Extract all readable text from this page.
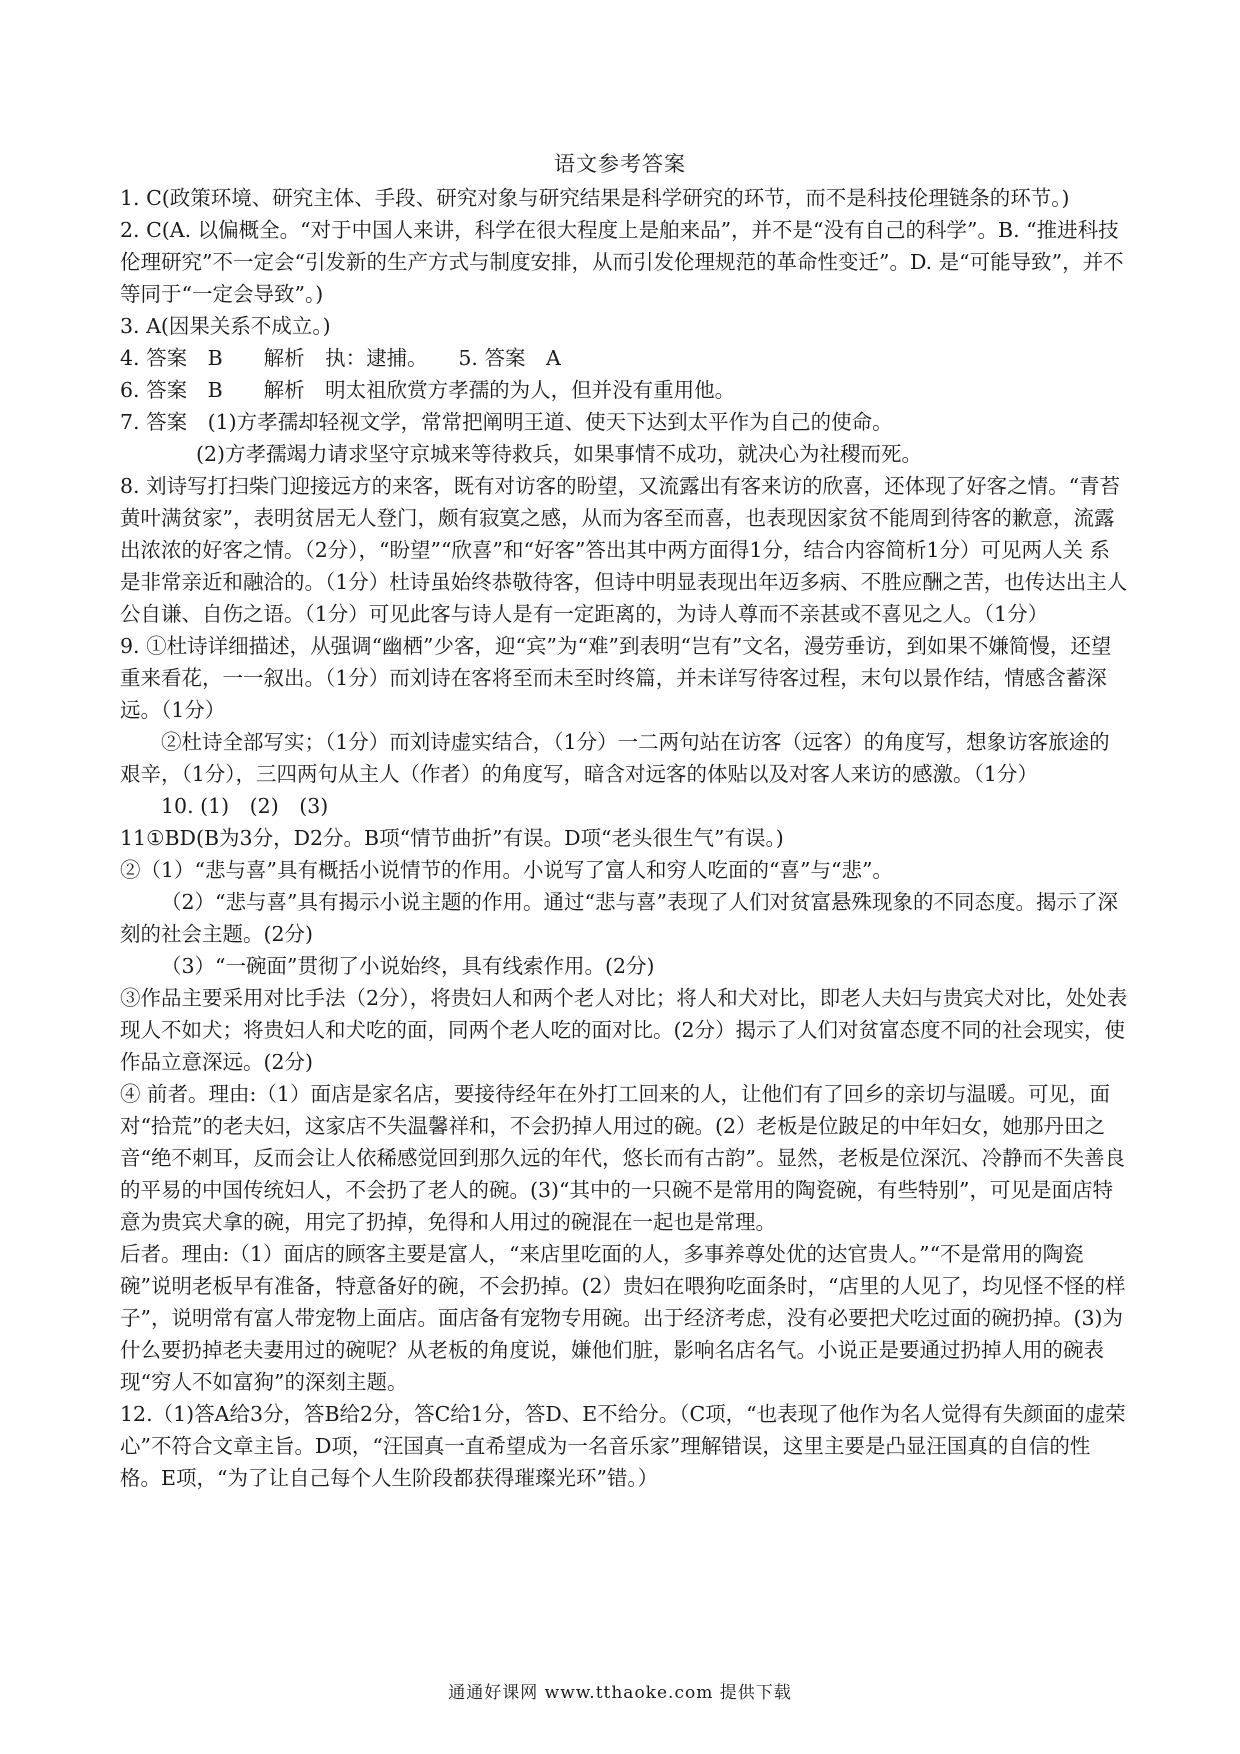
语文参考答案

1. C(政策环境、研究主体、手段、研究对象与研究结果是科学研究的环节，而不是科技伦理链条的环节。)

2. C(A. 以偏概全。“对于中国人来讲，科学在很大程度上是舶来品”，并不是“没有自己的科学”。B. “推进科技伦理研究”不一定会“引发新的生产方式与制度安排，从而引发伦理规范的革命性变迁”。D. 是“可能导致”，并不等同于“一定会导致”。)

3. A(因果关系不成立。)

4. 答案　B　　解析　执：逮捕。　　5. 答案　A

6. 答案　B　　解析　明太祖欣赏方孝孺的为人，但并没有重用他。

7. 答案　(1)方孝孺却轻视文学，常常把阐明王道、使天下达到太平作为自己的使命。

(2)方孝孺竭力请求坚守京城来等待救兵，如果事情不成功，就决心为社稷而死。

8. 刘诗写打扫柴门迎接远方的来客，既有对访客的盼望，又流露出有客来访的欣喜，还体现了好客之情。“青苔黄叶满贫家”，表明贫居无人登门，颇有寂寞之感，从而为客至而喜，也表现因家贫不能周到待客的歉意，流露出浓浓的好客之情。（2分），“盼望”“欣喜”和“好客”答出其中两方面得1分，结合内容简析1分）可见两人关 系是非常亲近和融洽的。（1分）杜诗虽始终恭敬待客，但诗中明显表现出年迈多病、不胜应酬之苦，也传达出主人公自谦、自伤之语。（1分）可见此客与诗人是有一定距离的，为诗人尊而不亲甚或不喜见之人。（1分）

9. ①杜诗详细描述，从强调“幽栖”少客，迎“宾”为“难”到表明“岂有”文名，漫劳垂访，到如果不嫌简慢，还望重来看花，一一叙出。（1分）而刘诗在客将至而未至时终篇，并未详写待客过程，末句以景作结，情感含蓄深远。（1分）

②杜诗全部写实；（1分）而刘诗虚实结合，（1分）一二两句站在访客（远客）的角度写，想象访客旅途的艰辛，（1分），三四两句从主人（作者）的角度写，暗含对远客的体贴以及对客人来访的感激。（1分）

10. (1)　(2)　(3)

11①BD(B为3分，D2分。B项“情节曲折”有误。D项“老头很生气”有误。)

②（1）“悲与喜”具有概括小说情节的作用。小说写了富人和穷人吃面的“喜”与“悲”。

（2）“悲与喜”具有揭示小说主题的作用。通过“悲与喜”表现了人们对贫富悬殊现象的不同态度。揭示了深刻的社会主题。(2分)

（3）“一碗面”贯彻了小说始终，具有线索作用。(2分)

③作品主要采用对比手法（2分），将贵妇人和两个老人对比；将人和犬对比，即老人夫妇与贵宾犬对比，处处表现人不如犬；将贵妇人和犬吃的面，同两个老人吃的面对比。(2分）揭示了人们对贫富态度不同的社会现实，使作品立意深远。(2分)

④ 前者。理由:（1）面店是家名店，要接待经年在外打工回来的人，让他们有了回乡的亲切与温暖。可见，面对“拾荒”的老夫妇，这家店不失温馨祥和，不会扔掉人用过的碗。(2）老板是位跛足的中年妇女，她那丹田之音“绝不刺耳，反而会让人依稀感觉回到那久远的年代，悠长而有古韵”。显然，老板是位深沉、冷静而不失善良的平易的中国传统妇人，不会扔了老人的碗。(3)“其中的一只碗不是常用的陶瓷碗，有些特别”，可见是面店特意为贵宾犬拿的碗，用完了扔掉，免得和人用过的碗混在一起也是常理。

后者。理由:（1）面店的顾客主要是富人，“来店里吃面的人，多事养尊处优的达官贵人。”“不是常用的陶瓷碗”说明老板早有准备，特意备好的碗，不会扔掉。(2）贵妇在喂狗吃面条时，“店里的人见了，均见怪不怪的样子”，说明常有富人带宠物上面店。面店备有宠物专用碗。出于经济考虑，没有必要把犬吃过面的碗扔掉。(3)为什么要扔掉老夫妻用过的碗呢？从老板的角度说，嫌他们脏，影响名店名气。小说正是要通过扔掉人用的碗表现“穷人不如富狗”的深刻主题。

12.（1)答A给3分，答B给2分，答C给1分，答D、E不给分。（C项，“也表现了他作为名人觉得有失颜面的虚荣心”不符合文章主旨。D项，“汪国真一直希望成为一名音乐家”理解错误，这里主要是凸显汪国真的自信的性格。E项，“为了让自己每个人生阶段都获得璀璨光环”错。）

通通好课网 www.tthaoke.com 提供下载
